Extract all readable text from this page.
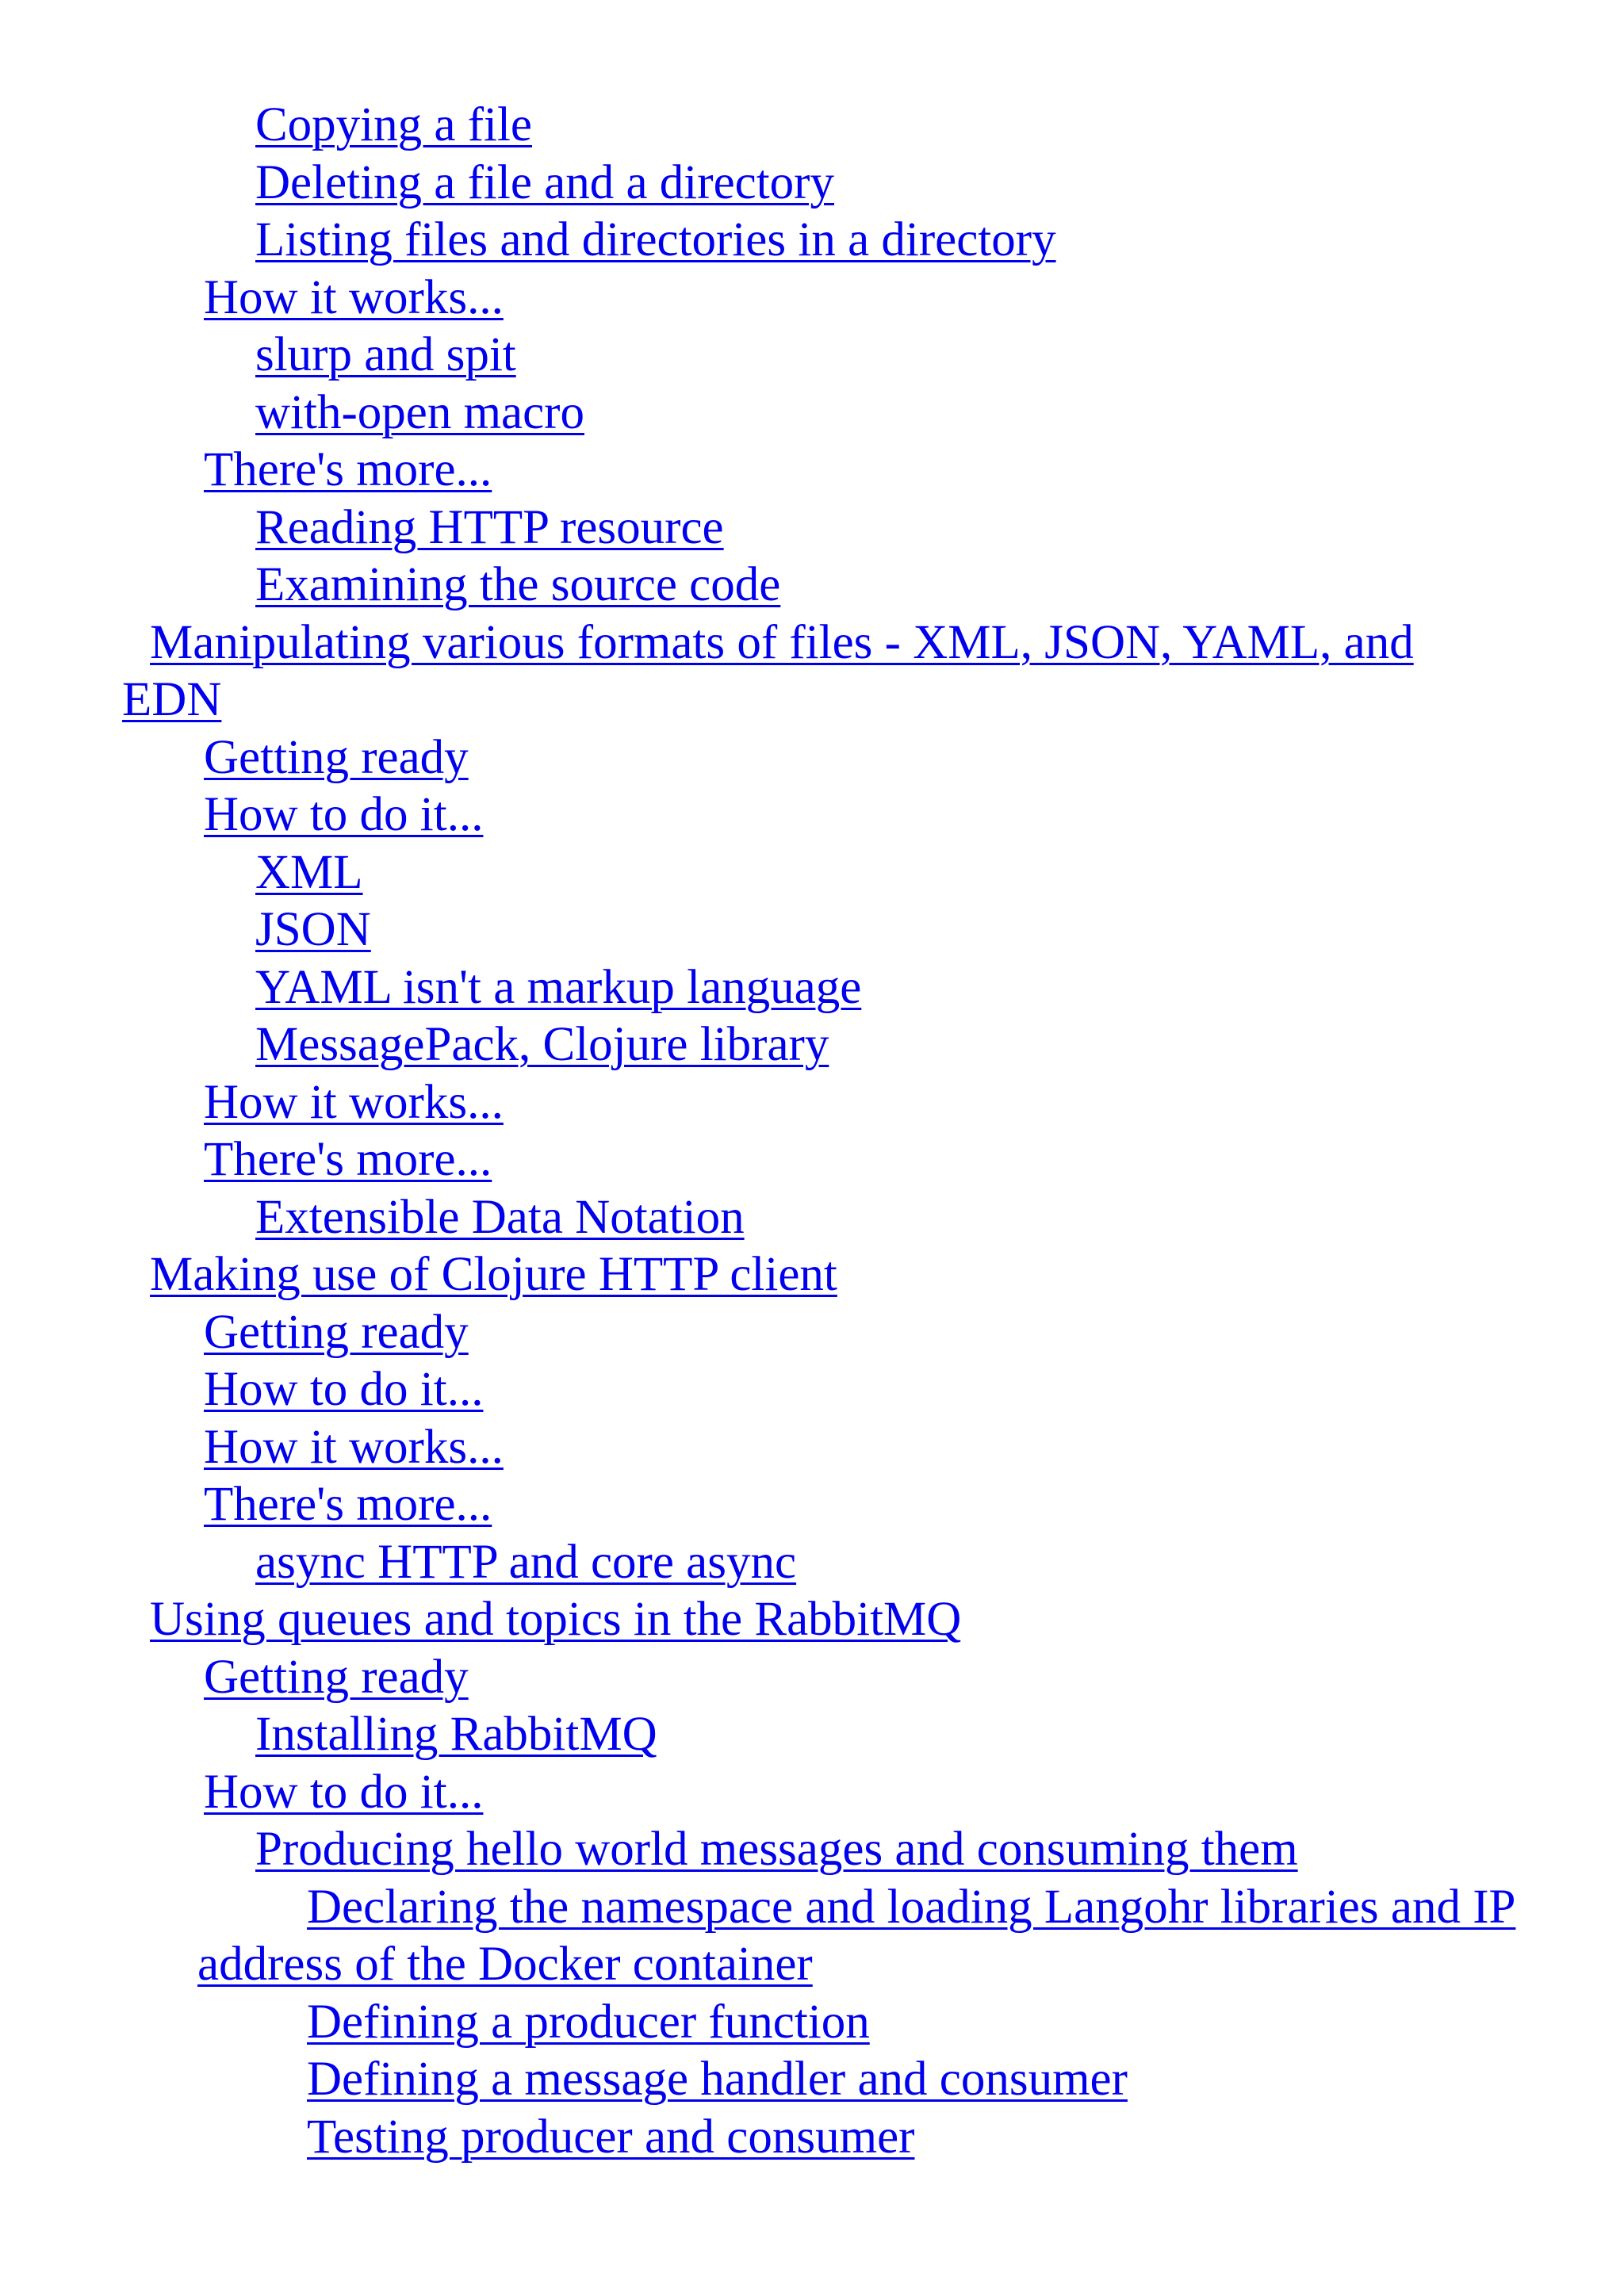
Copying a file
Deleting a file and a directory
Listing files and directories in a directory
How it works...
slurp and spit
with-open macro
There's more...
Reading HTTP resource
Examining the source code
Manipulating various formats of files - XML, JSON, YAML, and
EDN
Getting ready
How to do it...
XML
JSON
YAML isn't a markup language
MessagePack, Clojure library
How it works...
There's more...
Extensible Data Notation
Making use of Clojure HTTP client
Getting ready
How to do it...
How it works...
There's more...
async HTTP and core async
Using queues and topics in the RabbitMQ
Getting ready
Installing RabbitMQ
How to do it...
Producing hello world messages and consuming them
Declaring the namespace and loading Langohr libraries and IP
address of the Docker container
Defining a producer function
Defining a message handler and consumer
Testing producer and consumer
